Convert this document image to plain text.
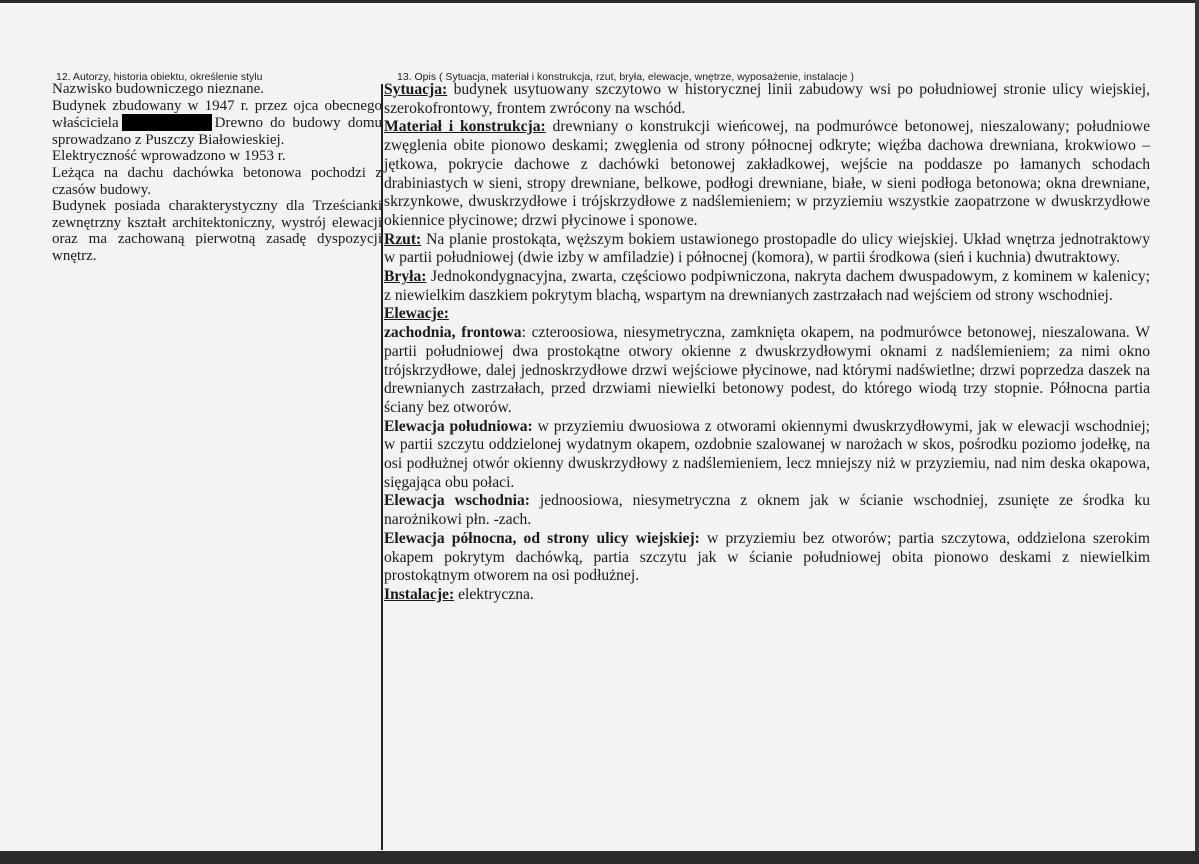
12. Autorzy, historia obiektu, określenie stylu	13. Opis ( Sytuacja, materiał i konstrukcja, rzut, bryła, elewacje, wnętrze, wyposażenie, instalacje )

Nazwisko budowniczego nieznane.

Budynek zbudowany w 1947 r. przez ojca obecnego właściciela	Drewno do budowy domu sprowadzano z Puszczy Białowieskiej.

Elektryczność wprowadzono w 1953 r.

Leżąca na dachu dachówka betonowa pochodzi z czasów budowy.

Budynek posiada charakterystyczny dla Trześcianki zewnętrzny kształt architektoniczny, wystrój elewacji oraz ma zachowaną pierwotną zasadę dyspozycji wnętrz.

Sytuacja: budynek usytuowany szczytowo w historycznej linii zabudowy wsi po południowej stronie ulicy wiejskiej, szerokofrontowy, frontem zwrócony na wschód.

Materiał i konstrukcja: drewniany o konstrukcji wieńcowej, na podmurówce betonowej, nieszalowany; południowe zwęglenia obite pionowo deskami; zwęglenia od strony północnej odkryte; więźba dachowa drewniana, krokwiowo – jętkowa, pokrycie dachowe z dachówki betonowej zakładkowej, wejście na poddasze po łamanych schodach drabiniastych w sieni, stropy drewniane, belkowe, podłogi drewniane, białe, w sieni podłoga betonowa; okna drewniane, skrzynkowe, dwuskrzydłowe i trójskrzydłowe z nadślemieniem; w przyziemiu wszystkie zaopatrzone w dwuskrzydłowe okiennice płycinowe; drzwi płycinowe i sponowe.

Rzut: Na planie prostokąta, węższym bokiem ustawionego prostopadle do ulicy wiejskiej. Układ wnętrza jednotraktowy w partii południowej (dwie izby w amfiladzie) i północnej (komora), w partii środkowa (sień i kuchnia) dwutraktowy.

Bryła: Jednokondygnacyjna, zwarta, częściowo podpiwniczona, nakryta dachem dwuspadowym, z kominem w kalenicy; z niewielkim daszkiem pokrytym blachą, wspartym na drewnianych zastrzałach nad wejściem od strony wschodniej.

Elewacje:

zachodnia, frontowa: czteroosiowa, niesymetryczna, zamknięta okapem, na podmurówce betonowej, nieszalowana. W partii południowej dwa prostokątne otwory okienne z dwuskrzydłowymi oknami z nadślemieniem; za nimi okno trójskrzydłowe, dalej jednoskrzydłowe drzwi wejściowe płycinowe, nad którymi nadświetlne; drzwi poprzedza daszek na drewnianych zastrzałach, przed drzwiami niewielki betonowy podest, do którego wiodą trzy stopnie. Północna partia ściany bez otworów.

Elewacja południowa: w przyziemiu dwuosiowa z otworami okiennymi dwuskrzydłowymi, jak w elewacji wschodniej; w partii szczytu oddzielonej wydatnym okapem, ozdobnie szalowanej w narożach w skos, pośrodku poziomo jodełkę, na osi podłużnej otwór okienny dwuskrzydłowy z nadślemieniem, lecz mniejszy niż w przyziemiu, nad nim deska okapowa, sięgająca obu połaci.

Elewacja wschodnia: jednoosiowa, niesymetryczna z oknem jak w ścianie wschodniej, zsunięte ze środka ku narożnikowi płn. -zach.

Elewacja północna, od strony ulicy wiejskiej: w przyziemiu bez otworów; partia szczytowa, oddzielona szerokim okapem pokrytym dachówką, partia szczytu jak w ścianie południowej obita pionowo deskami z niewielkim prostokątnym otworem na osi podłużnej.

Instalacje: elektryczna.
